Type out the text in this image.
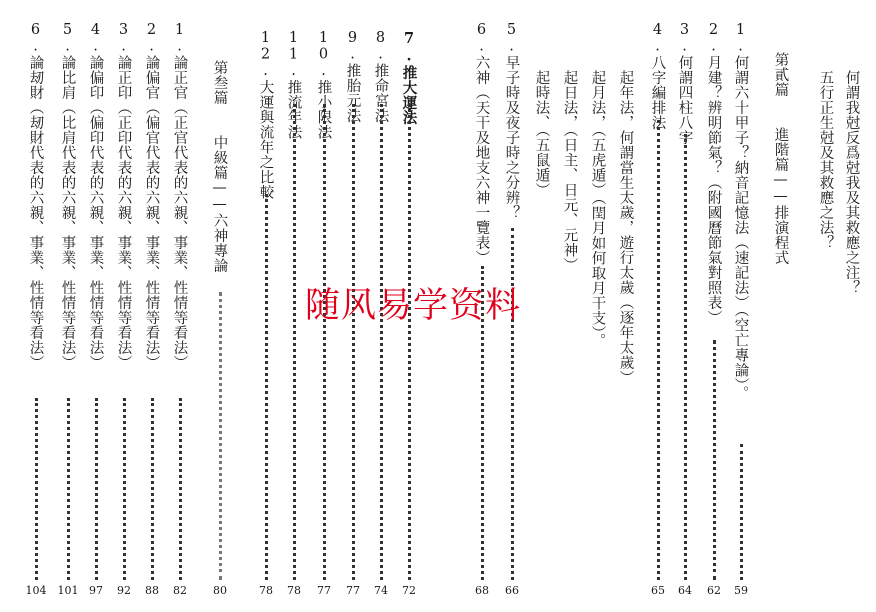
何謂我尅反爲尅我及其救應之注？
五行正生尅及其救應之法？
第貳篇　　進階篇——排演程式
1.何謂六十甲子？納音記憶法（速記法）（空亡專論）。
59
2.月建？辨明節氣？（附國曆節氣對照表）
62
3.何謂四柱八字
64
4.八字編排法
65
起年法，何謂當生太歲，遊行太歲（逐年太歲）
起月法，（五虎遁）（閏月如何取月干支）。
起日法，（日主、日元、元神）
起時法、（五鼠遁）
5.早子時及夜子時之分辨？
66
6.六神（天干及地支六神一覽表）
68
7.推大運法
72
8.推命宮法
74
9.推胎元法
77
10.推小限法
77
11.推流年法
78
12.大運與流年之比較
78
第叁篇　　中級篇——六神專論
80
1.論正官（正官代表的六親、事業、性情等看法）
82
2.論偏官（偏官代表的六親、事業、性情等看法）
88
3.論正印（正印代表的六親、事業、性情等看法）
92
4.論偏印（偏印代表的六親、事業、性情等看法）
97
5.論比肩（比肩代表的六親、事業、性情等看法）
101
6.論刼財（刼財代表的六親、事業、性情等看法）
104
随风易学资料
